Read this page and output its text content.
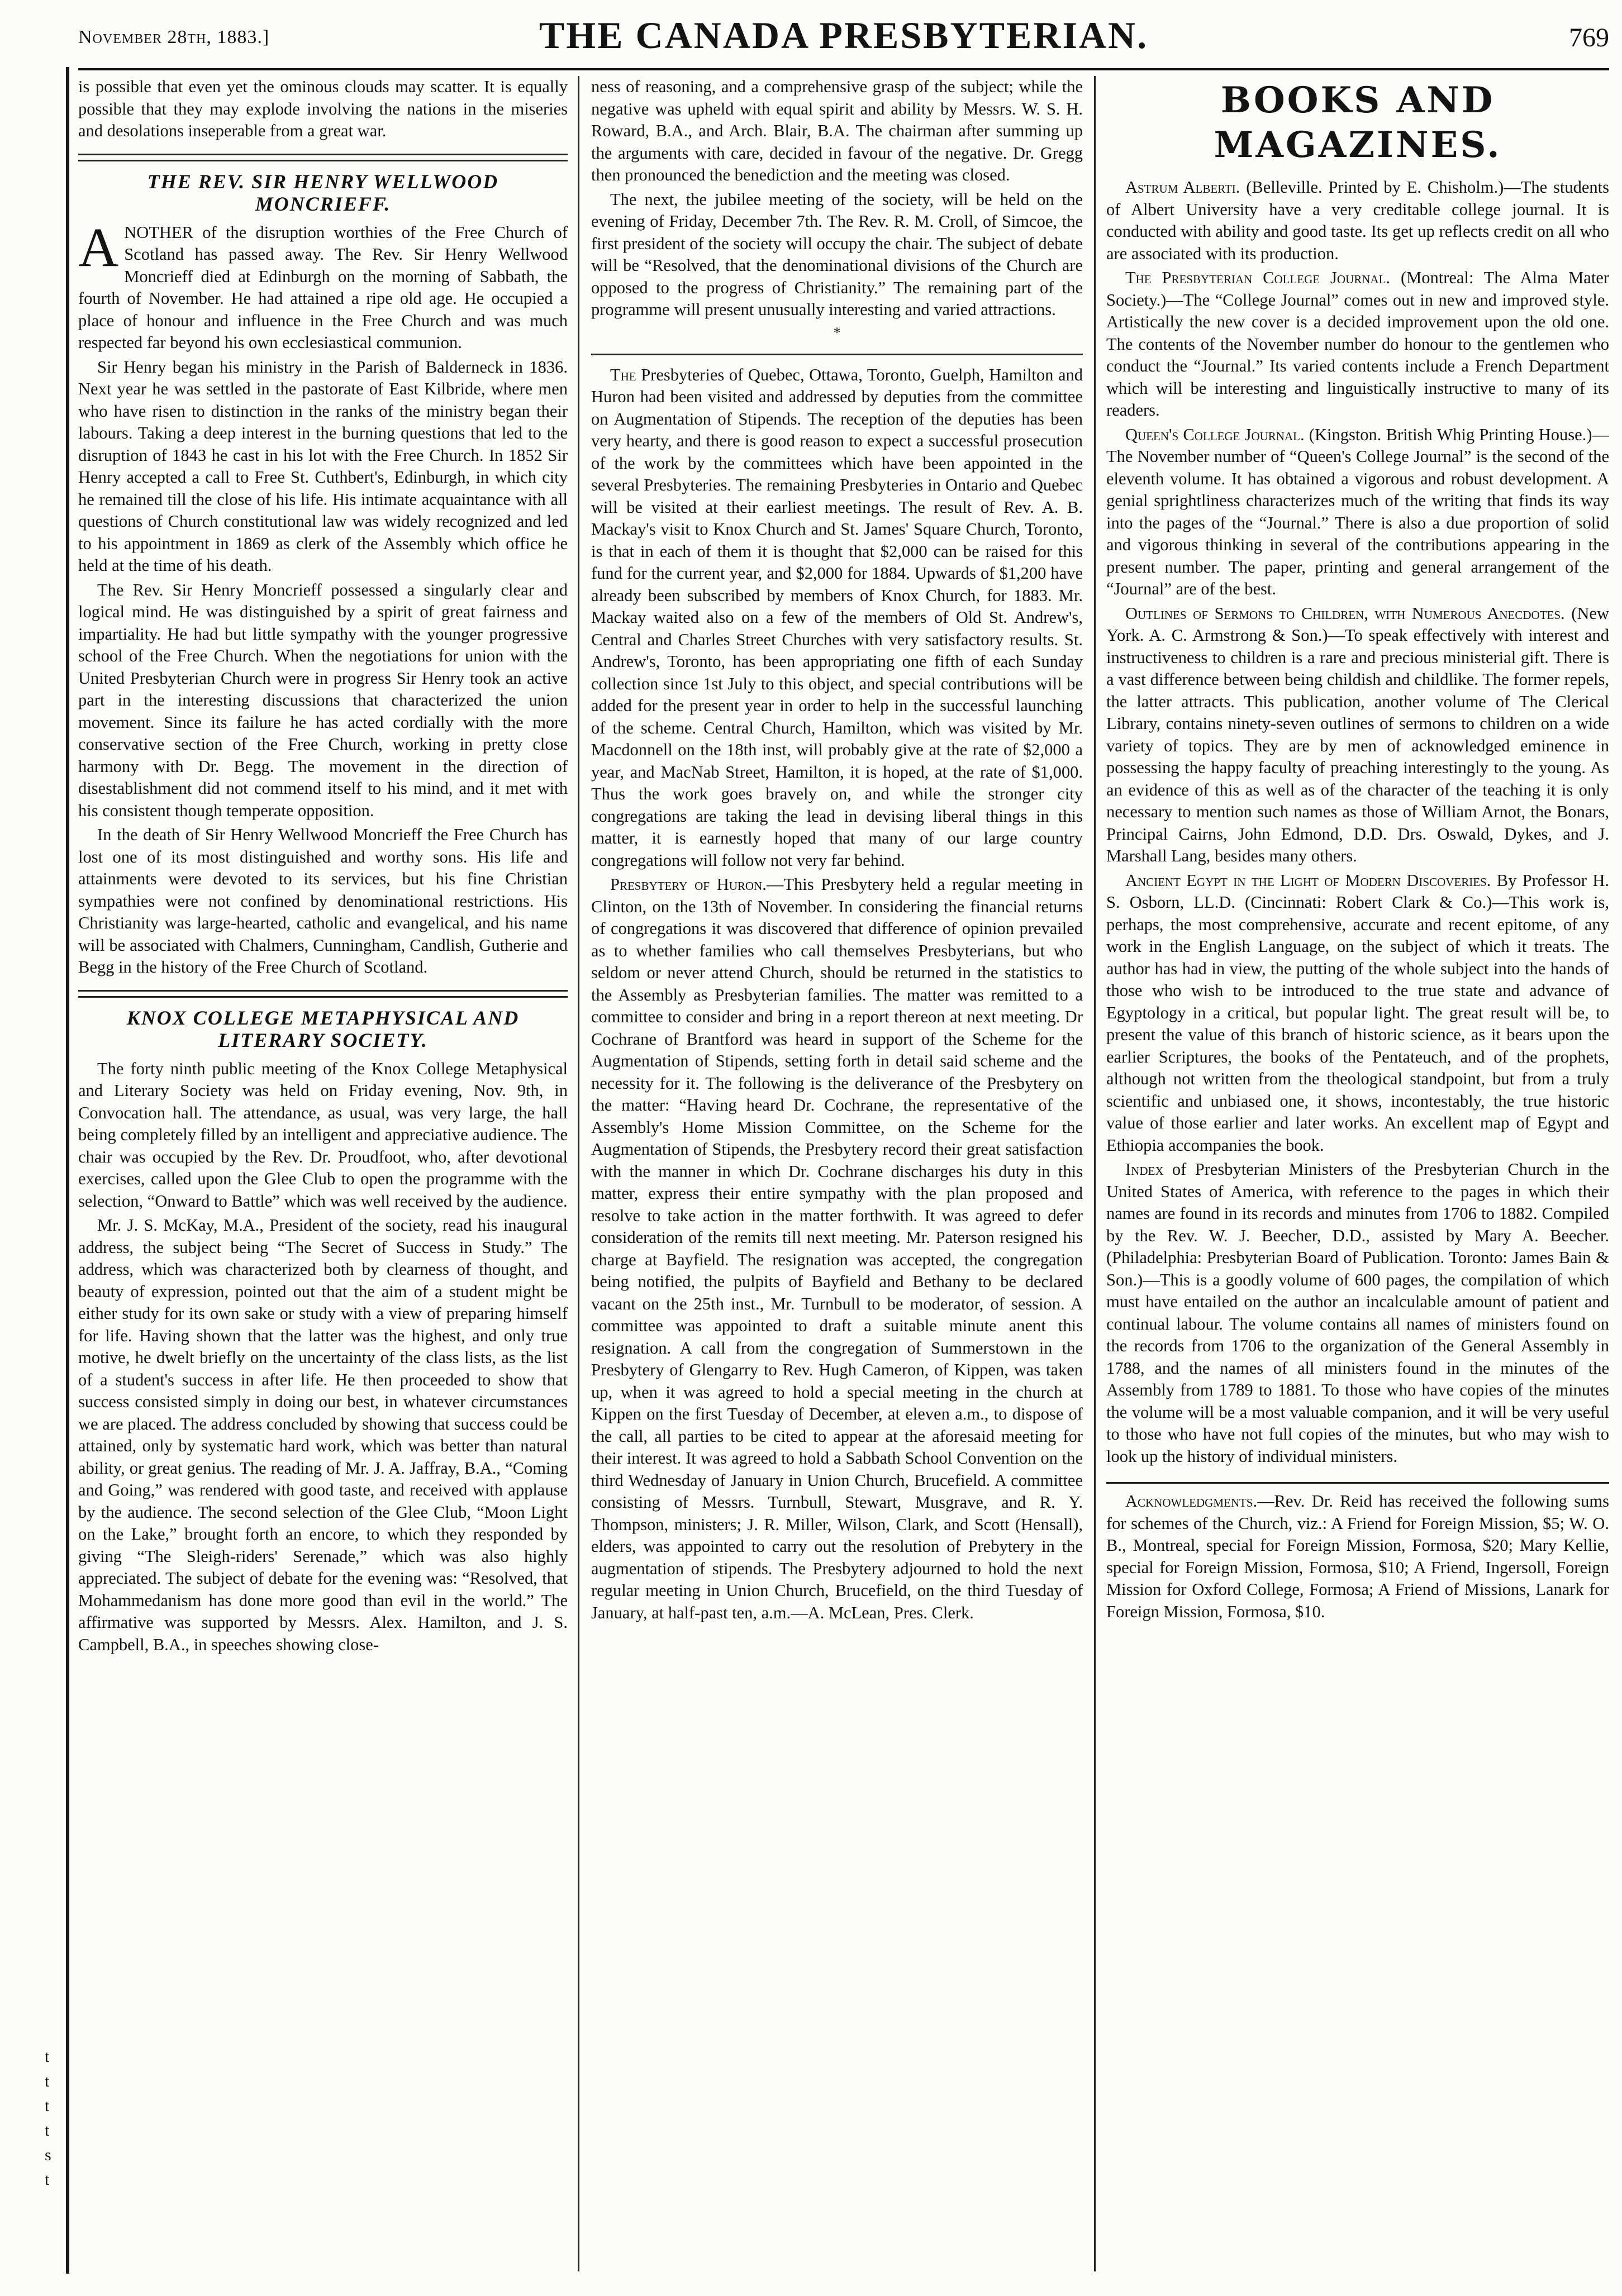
November 28th, 1883.]	THE CANADA PRESBYTERIAN.	769
t
t
t
t
s
t

is possible that even yet the ominous clouds may scatter. It is equally possible that they may explode involving the nations in the miseries and desolations inseperable from a great war.

THE REV. SIR HENRY WELLWOOD MONCRIEFF.

ANOTHER of the disruption worthies of the Free Church of Scotland has passed away. The Rev. Sir Henry Wellwood Moncrieff died at Edinburgh on the morning of Sabbath, the fourth of November. He had attained a ripe old age. He occupied a place of honour and influence in the Free Church and was much respected far beyond his own ecclesiastical communion.

Sir Henry began his ministry in the Parish of Balderneck in 1836. Next year he was settled in the pastorate of East Kilbride, where men who have risen to distinction in the ranks of the ministry began their labours. Taking a deep interest in the burning questions that led to the disruption of 1843 he cast in his lot with the Free Church. In 1852 Sir Henry accepted a call to Free St. Cuthbert's, Edinburgh, in which city he remained till the close of his life. His intimate acquaintance with all questions of Church constitutional law was widely recognized and led to his appointment in 1869 as clerk of the Assembly which office he held at the time of his death.

The Rev. Sir Henry Moncrieff possessed a singularly clear and logical mind. He was distinguished by a spirit of great fairness and impartiality. He had but little sympathy with the younger progressive school of the Free Church. When the negotiations for union with the United Presbyterian Church were in progress Sir Henry took an active part in the interesting discussions that characterized the union movement. Since its failure he has acted cordially with the more conservative section of the Free Church, working in pretty close harmony with Dr. Begg. The movement in the direction of disestablishment did not commend itself to his mind, and it met with his consistent though temperate opposition.

In the death of Sir Henry Wellwood Moncrieff the Free Church has lost one of its most distinguished and worthy sons. His life and attainments were devoted to its services, but his fine Christian sympathies were not confined by denominational restrictions. His Christianity was large-hearted, catholic and evangelical, and his name will be associated with Chalmers, Cunningham, Candlish, Gutherie and Begg in the history of the Free Church of Scotland.

KNOX COLLEGE METAPHYSICAL AND LITERARY SOCIETY.

The forty ninth public meeting of the Knox College Metaphysical and Literary Society was held on Friday evening, Nov. 9th, in Convocation hall. The attendance, as usual, was very large, the hall being completely filled by an intelligent and appreciative audience. The chair was occupied by the Rev. Dr. Proudfoot, who, after devotional exercises, called upon the Glee Club to open the programme with the selection, “Onward to Battle” which was well received by the audience.

Mr. J. S. McKay, M.A., President of the society, read his inaugural address, the subject being “The Secret of Success in Study.” The address, which was characterized both by clearness of thought, and beauty of expression, pointed out that the aim of a student might be either study for its own sake or study with a view of preparing himself for life. Having shown that the latter was the highest, and only true motive, he dwelt briefly on the uncertainty of the class lists, as the list of a student's success in after life. He then proceeded to show that success consisted simply in doing our best, in whatever circumstances we are placed. The address concluded by showing that success could be attained, only by systematic hard work, which was better than natural ability, or great genius. The reading of Mr. J. A. Jaffray, B.A., “Coming and Going,” was rendered with good taste, and received with applause by the audience. The second selection of the Glee Club, “Moon Light on the Lake,” brought forth an encore, to which they responded by giving “The Sleigh-riders' Serenade,” which was also highly appreciated. The subject of debate for the evening was: “Resolved, that Mohammedanism has done more good than evil in the world.” The affirmative was supported by Messrs. Alex. Hamilton, and J. S. Campbell, B.A., in speeches showing close-

ness of reasoning, and a comprehensive grasp of the subject; while the negative was upheld with equal spirit and ability by Messrs. W. S. H. Roward, B.A., and Arch. Blair, B.A. The chairman after summing up the arguments with care, decided in favour of the negative. Dr. Gregg then pronounced the benediction and the meeting was closed.

The next, the jubilee meeting of the society, will be held on the evening of Friday, December 7th. The Rev. R. M. Croll, of Simcoe, the first president of the society will occupy the chair. The subject of debate will be “Resolved, that the denominational divisions of the Church are opposed to the progress of Christianity.” The remaining part of the programme will present unusually interesting and varied attractions.

*

The Presbyteries of Quebec, Ottawa, Toronto, Guelph, Hamilton and Huron had been visited and addressed by deputies from the committee on Augmentation of Stipends. The reception of the deputies has been very hearty, and there is good reason to expect a successful prosecution of the work by the committees which have been appointed in the several Presbyteries. The remaining Presbyteries in Ontario and Quebec will be visited at their earliest meetings. The result of Rev. A. B. Mackay's visit to Knox Church and St. James' Square Church, Toronto, is that in each of them it is thought that $2,000 can be raised for this fund for the current year, and $2,000 for 1884. Upwards of $1,200 have already been subscribed by members of Knox Church, for 1883. Mr. Mackay waited also on a few of the members of Old St. Andrew's, Central and Charles Street Churches with very satisfactory results. St. Andrew's, Toronto, has been appropriating one fifth of each Sunday collection since 1st July to this object, and special contributions will be added for the present year in order to help in the successful launching of the scheme. Central Church, Hamilton, which was visited by Mr. Macdonnell on the 18th inst, will probably give at the rate of $2,000 a year, and MacNab Street, Hamilton, it is hoped, at the rate of $1,000. Thus the work goes bravely on, and while the stronger city congregations are taking the lead in devising liberal things in this matter, it is earnestly hoped that many of our large country congregations will follow not very far behind.

Presbytery of Huron.—This Presbytery held a regular meeting in Clinton, on the 13th of November. In considering the financial returns of congregations it was discovered that difference of opinion prevailed as to whether families who call themselves Presbyterians, but who seldom or never attend Church, should be returned in the statistics to the Assembly as Presbyterian families. The matter was remitted to a committee to consider and bring in a report thereon at next meeting. Dr Cochrane of Brantford was heard in support of the Scheme for the Augmentation of Stipends, setting forth in detail said scheme and the necessity for it. The following is the deliverance of the Presbytery on the matter: “Having heard Dr. Cochrane, the representative of the Assembly's Home Mission Committee, on the Scheme for the Augmentation of Stipends, the Presbytery record their great satisfaction with the manner in which Dr. Cochrane discharges his duty in this matter, express their entire sympathy with the plan proposed and resolve to take action in the matter forthwith. It was agreed to defer consideration of the remits till next meeting. Mr. Paterson resigned his charge at Bayfield. The resignation was accepted, the congregation being notified, the pulpits of Bayfield and Bethany to be declared vacant on the 25th inst., Mr. Turnbull to be moderator, of session. A committee was appointed to draft a suitable minute anent this resignation. A call from the congregation of Summerstown in the Presbytery of Glengarry to Rev. Hugh Cameron, of Kippen, was taken up, when it was agreed to hold a special meeting in the church at Kippen on the first Tuesday of December, at eleven a.m., to dispose of the call, all parties to be cited to appear at the aforesaid meeting for their interest. It was agreed to hold a Sabbath School Convention on the third Wednesday of January in Union Church, Brucefield. A committee consisting of Messrs. Turnbull, Stewart, Musgrave, and R. Y. Thompson, ministers; J. R. Miller, Wilson, Clark, and Scott (Hensall), elders, was appointed to carry out the resolution of Prebytery in the augmentation of stipends. The Presbytery adjourned to hold the next regular meeting in Union Church, Brucefield, on the third Tuesday of January, at half-past ten, a.m.—A. McLean, Pres. Clerk.

BOOKS AND MAGAZINES.

Astrum Alberti. (Belleville. Printed by E. Chisholm.)—The students of Albert University have a very creditable college journal. It is conducted with ability and good taste. Its get up reflects credit on all who are associated with its production.

The Presbyterian College Journal. (Montreal: The Alma Mater Society.)—The “College Journal” comes out in new and improved style. Artistically the new cover is a decided improvement upon the old one. The contents of the November number do honour to the gentlemen who conduct the “Journal.” Its varied contents include a French Department which will be interesting and linguistically instructive to many of its readers.

Queen's College Journal. (Kingston. British Whig Printing House.)—The November number of “Queen's College Journal” is the second of the eleventh volume. It has obtained a vigorous and robust development. A genial sprightliness characterizes much of the writing that finds its way into the pages of the “Journal.” There is also a due proportion of solid and vigorous thinking in several of the contributions appearing in the present number. The paper, printing and general arrangement of the “Journal” are of the best.

Outlines of Sermons to Children, with Numerous Anecdotes. (New York. A. C. Armstrong & Son.)—To speak effectively with interest and instructiveness to children is a rare and precious ministerial gift. There is a vast difference between being childish and childlike. The former repels, the latter attracts. This publication, another volume of The Clerical Library, contains ninety-seven outlines of sermons to children on a wide variety of topics. They are by men of acknowledged eminence in possessing the happy faculty of preaching interestingly to the young. As an evidence of this as well as of the character of the teaching it is only necessary to mention such names as those of William Arnot, the Bonars, Principal Cairns, John Edmond, D.D. Drs. Oswald, Dykes, and J. Marshall Lang, besides many others.

Ancient Egypt in the Light of Modern Discoveries. By Professor H. S. Osborn, LL.D. (Cincinnati: Robert Clark & Co.)—This work is, perhaps, the most comprehensive, accurate and recent epitome, of any work in the English Language, on the subject of which it treats. The author has had in view, the putting of the whole subject into the hands of those who wish to be introduced to the true state and advance of Egyptology in a critical, but popular light. The great result will be, to present the value of this branch of historic science, as it bears upon the earlier Scriptures, the books of the Pentateuch, and of the prophets, although not written from the theological standpoint, but from a truly scientific and unbiased one, it shows, incontestably, the true historic value of those earlier and later works. An excellent map of Egypt and Ethiopia accompanies the book.

Index of Presbyterian Ministers of the Presbyterian Church in the United States of America, with reference to the pages in which their names are found in its records and minutes from 1706 to 1882. Compiled by the Rev. W. J. Beecher, D.D., assisted by Mary A. Beecher. (Philadelphia: Presbyterian Board of Publication. Toronto: James Bain & Son.)—This is a goodly volume of 600 pages, the compilation of which must have entailed on the author an incalculable amount of patient and continual labour. The volume contains all names of ministers found on the records from 1706 to the organization of the General Assembly in 1788, and the names of all ministers found in the minutes of the Assembly from 1789 to 1881. To those who have copies of the minutes the volume will be a most valuable companion, and it will be very useful to those who have not full copies of the minutes, but who may wish to look up the history of individual ministers.

Acknowledgments.—Rev. Dr. Reid has received the following sums for schemes of the Church, viz.: A Friend for Foreign Mission, $5; W. O. B., Montreal, special for Foreign Mission, Formosa, $20; Mary Kellie, special for Foreign Mission, Formosa, $10; A Friend, Ingersoll, Foreign Mission for Oxford College, Formosa; A Friend of Missions, Lanark for Foreign Mission, Formosa, $10.
